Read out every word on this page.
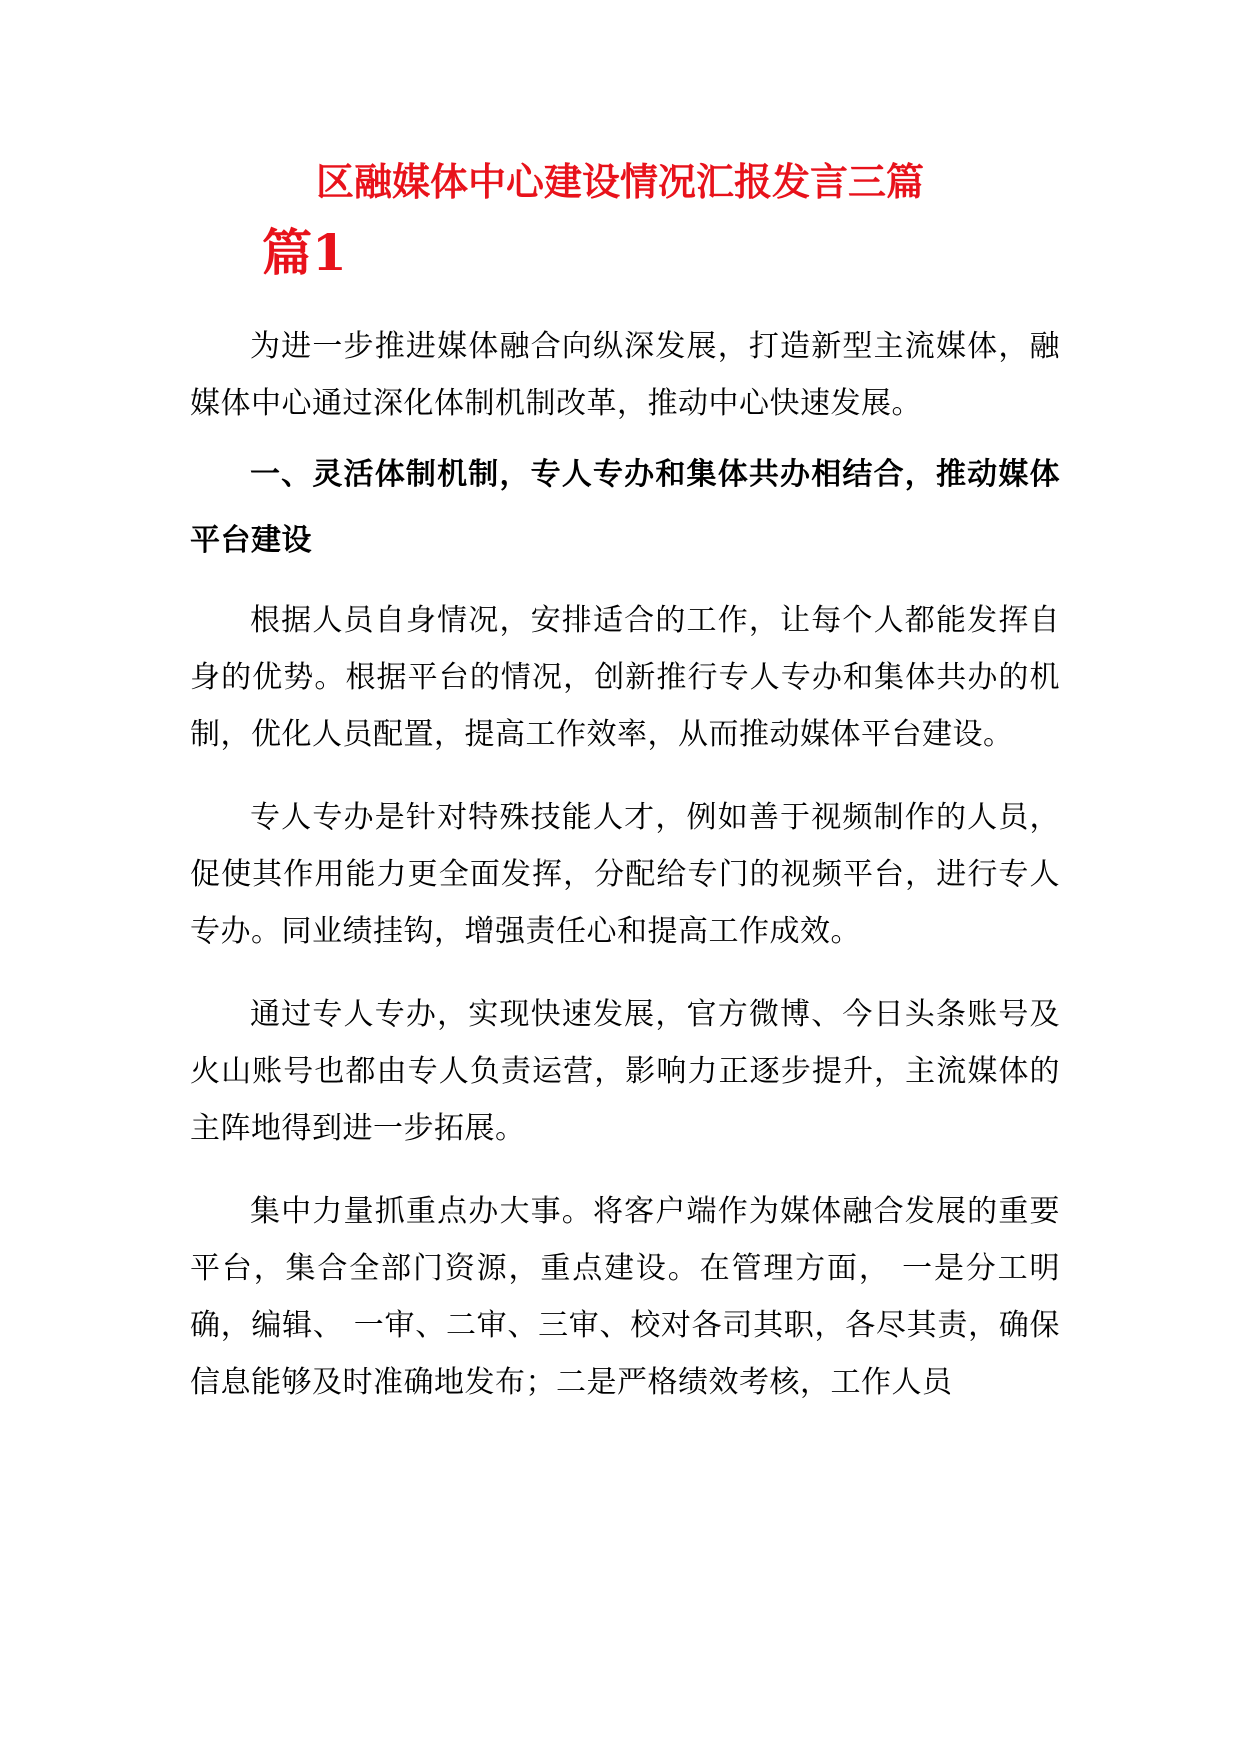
区融媒体中心建设情况汇报发言三篇
篇1

为进一步推进媒体融合向纵深发展，打造新型主流媒体，融媒体中心通过深化体制机制改革，推动中心快速发展。

一、灵活体制机制，专人专办和集体共办相结合，推动媒体平台建设

根据人员自身情况，安排适合的工作，让每个人都能发挥自身的优势。根据平台的情况，创新推行专人专办和集体共办的机制，优化人员配置，提高工作效率，从而推动媒体平台建设。

专人专办是针对特殊技能人才，例如善于视频制作的人员，促使其作用能力更全面发挥，分配给专门的视频平台，进行专人专办。同业绩挂钩，增强责任心和提高工作成效。

通过专人专办，实现快速发展，官方微博、今日头条账号及火山账号也都由专人负责运营，影响力正逐步提升，主流媒体的主阵地得到进一步拓展。

集中力量抓重点办大事。将客户端作为媒体融合发展的重要平台，集合全部门资源，重点建设。在管理方面， 一是分工明确，编辑、 一审、二审、三审、校对各司其职，各尽其责，确保信息能够及时准确地发布；二是严格绩效考核，工作人员
